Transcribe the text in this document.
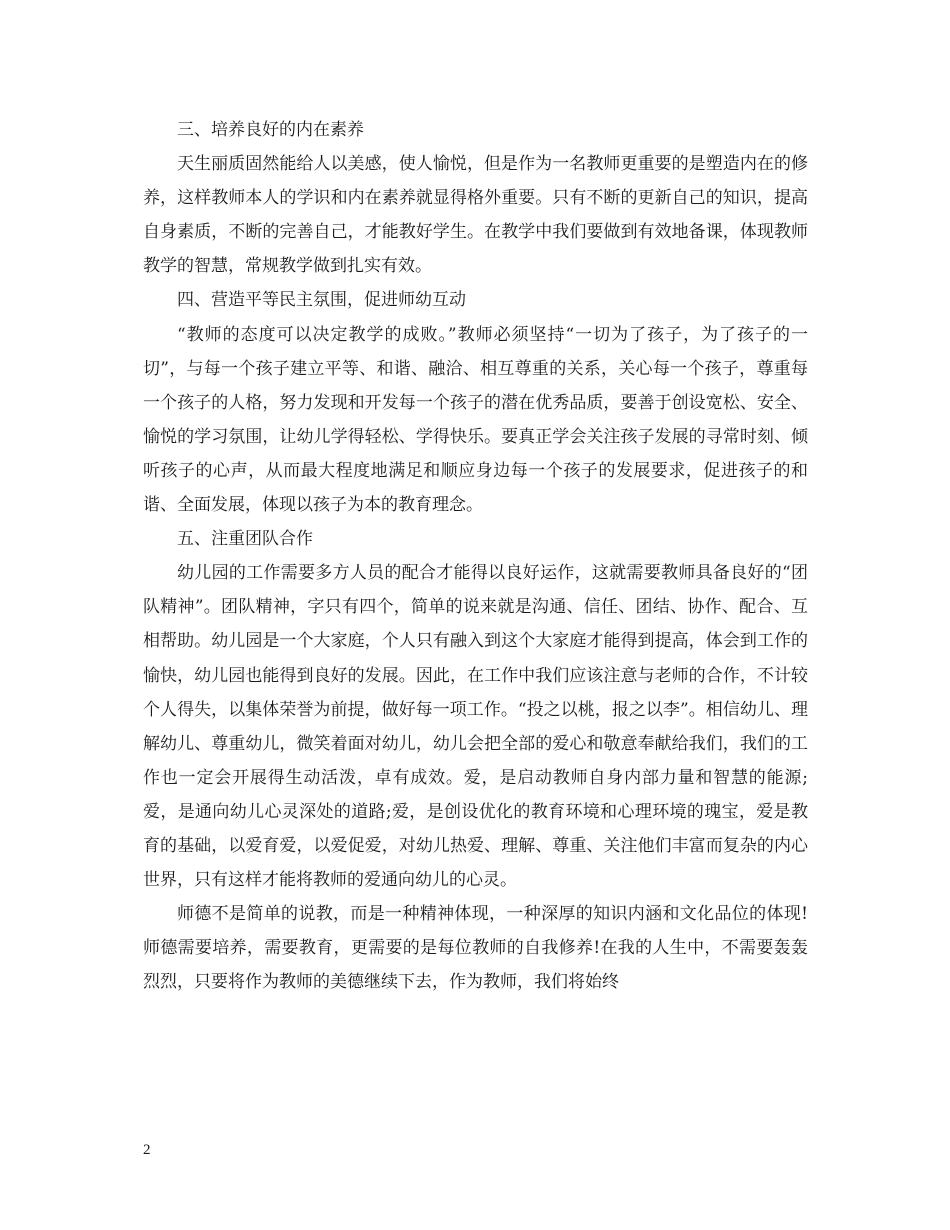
三、培养良好的内在素养

天生丽质固然能给人以美感，使人愉悦，但是作为一名教师更重要的是塑造内在的修养，这样教师本人的学识和内在素养就显得格外重要。只有不断的更新自己的知识，提高自身素质，不断的完善自己，才能教好学生。在教学中我们要做到有效地备课，体现教师教学的智慧，常规教学做到扎实有效。

四、营造平等民主氛围，促进师幼互动

“教师的态度可以决定教学的成败。”教师必须坚持“一切为了孩子，为了孩子的一切”，与每一个孩子建立平等、和谐、融洽、相互尊重的关系，关心每一个孩子，尊重每一个孩子的人格，努力发现和开发每一个孩子的潜在优秀品质，要善于创设宽松、安全、愉悦的学习氛围，让幼儿学得轻松、学得快乐。要真正学会关注孩子发展的寻常时刻、倾听孩子的心声，从而最大程度地满足和顺应身边每一个孩子的发展要求，促进孩子的和谐、全面发展，体现以孩子为本的教育理念。

五、注重团队合作

幼儿园的工作需要多方人员的配合才能得以良好运作，这就需要教师具备良好的“团队精神”。团队精神，字只有四个，简单的说来就是沟通、信任、团结、协作、配合、互相帮助。幼儿园是一个大家庭，个人只有融入到这个大家庭才能得到提高，体会到工作的愉快，幼儿园也能得到良好的发展。因此，在工作中我们应该注意与老师的合作，不计较个人得失，以集体荣誉为前提，做好每一项工作。“投之以桃，报之以李”。相信幼儿、理解幼儿、尊重幼儿，微笑着面对幼儿，幼儿会把全部的爱心和敬意奉献给我们，我们的工作也一定会开展得生动活泼，卓有成效。爱，是启动教师自身内部力量和智慧的能源;爱，是通向幼儿心灵深处的道路;爱，是创设优化的教育环境和心理环境的瑰宝，爱是教育的基础，以爱育爱，以爱促爱，对幼儿热爱、理解、尊重、关注他们丰富而复杂的内心世界，只有这样才能将教师的爱通向幼儿的心灵。

师德不是简单的说教，而是一种精神体现，一种深厚的知识内涵和文化品位的体现!师德需要培养，需要教育，更需要的是每位教师的自我修养!在我的人生中，不需要轰轰烈烈，只要将作为教师的美德继续下去，作为教师，我们将始终

2
